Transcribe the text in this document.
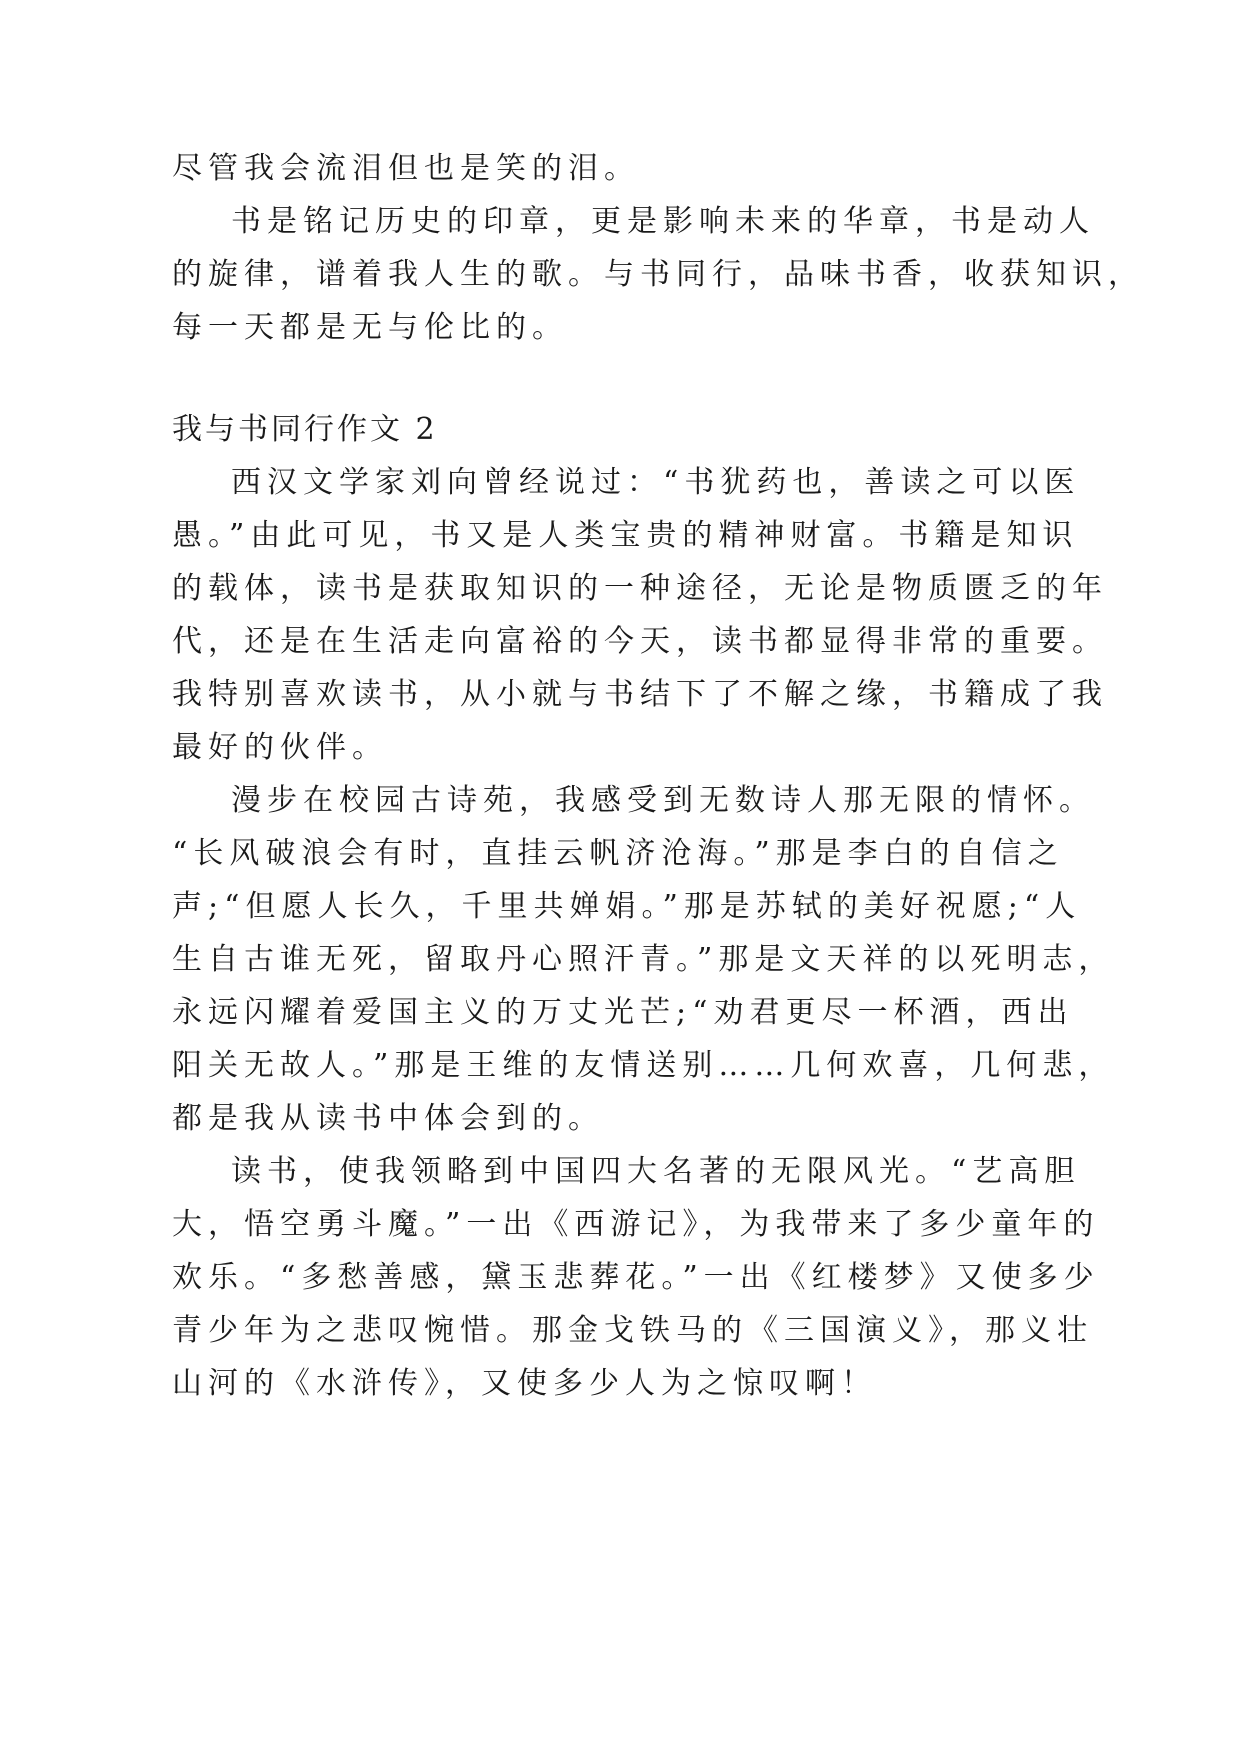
尽管我会流泪但也是笑的泪。
书是铭记历史的印章，更是影响未来的华章，书是动人
的旋律，谱着我人生的歌。与书同行，品味书香，收获知识，
每一天都是无与伦比的。
我与书同行作文 2
西汉文学家刘向曾经说过：“书犹药也，善读之可以医
愚。”由此可见，书又是人类宝贵的精神财富。书籍是知识
的载体，读书是获取知识的一种途径，无论是物质匮乏的年
代，还是在生活走向富裕的今天，读书都显得非常的重要。
我特别喜欢读书，从小就与书结下了不解之缘，书籍成了我
最好的伙伴。
漫步在校园古诗苑，我感受到无数诗人那无限的情怀。
“长风破浪会有时，直挂云帆济沧海。”那是李白的自信之
声;“但愿人长久，千里共婵娟。”那是苏轼的美好祝愿;“人
生自古谁无死，留取丹心照汗青。”那是文天祥的以死明志，
永远闪耀着爱国主义的万丈光芒;“劝君更尽一杯酒，西出
阳关无故人。”那是王维的友情送别……几何欢喜，几何悲，
都是我从读书中体会到的。
读书，使我领略到中国四大名著的无限风光。“艺高胆
大，悟空勇斗魔。”一出《西游记》，为我带来了多少童年的
欢乐。“多愁善感，黛玉悲葬花。”一出《红楼梦》又使多少
青少年为之悲叹惋惜。那金戈铁马的《三国演义》，那义壮
山河的《水浒传》，又使多少人为之惊叹啊！
